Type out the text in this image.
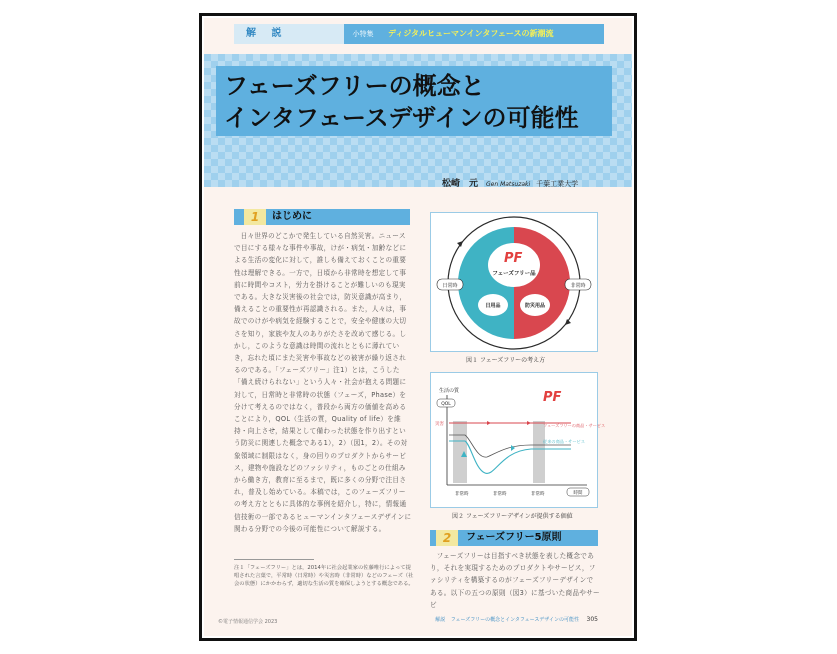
解 説	小特集	ディジタルヒューマンインタフェースの新潮流
フェーズフリーの概念と
インタフェースデザインの可能性
松崎　元 Gen Matsuzaki 千葉工業大学
1	はじめに

日々世界のどこかで発生している自然災害。ニュースで目にする様々な事件や事故，けが・病気・加齢などによる生活の変化に対して，誰しも備えておくことの重要性は理解できる。一方で，日頃から非常時を想定して事前に時間やコスト，労力を掛けることが難しいのも現実である。大きな災害後の社会では，防災意識が高まり，備えることの重要性が再認識される。また，人々は，事故でのけがや病気を経験することで，安全や健康の大切さを知り，家族や友人のありがたさを改めて感じる。しかし，このような意識は時間の流れとともに薄れていき，忘れた頃にまた災害や事故などの被害が繰り返されるのである。「フェーズフリー」注1）とは，こうした「備え続けられない」という人々・社会が抱える問題に対して，日常時と非常時の状態（フェーズ，Phase）を分けて考えるのではなく，普段から両方の価値を高めることにより，QOL（生活の質，Quality of life）を維持・向上させ，結果として備わった状態を作り出すという防災に関連した概念である1），2）（図1，2）。その対象領域に制限はなく，身の回りのプロダクトからサービス，建物や施設などのファシリティ，ものごとの仕組みから働き方，教育に至るまで，既に多くの分野で注目され，普及し始めている。本稿では，このフェーズフリーの考え方とともに具体的な事例を紹介し，特に，情報通信技術の一部であるヒューマンインタフェースデザインに関わる分野での今後の可能性について解説する。

注１「フェーズフリー」とは，2014年に社会起業家の佐藤唯行によって提唱された言葉で，平常時（日常時）や災害時（非常時）などのフェーズ（社会の状態）にかかわらず，適切な生活の質を確保しようとする概念である。
PF
フェーズフリー品
日用品	防災用品
日常時	非常時
図１ フェーズフリーの考え方
生活の質
QOL
災害
PF
フェーズフリーの商品・サービス
従来の商品・サービス
非常時	非常時	非常時	時間
図２ フェーズフリーデザインが提供する価値
2	フェーズフリー5原則

フェーズフリーは目指すべき状態を表した概念であり，それを実現するためのプロダクトやサービス，ファシリティを構築するのがフェーズフリーデザインである。以下の五つの原則（図3）に基づいた商品やサービ

©電子情報通信学会 2023	解説 フェーズフリーの概念とインタフェースデザインの可能性 305
